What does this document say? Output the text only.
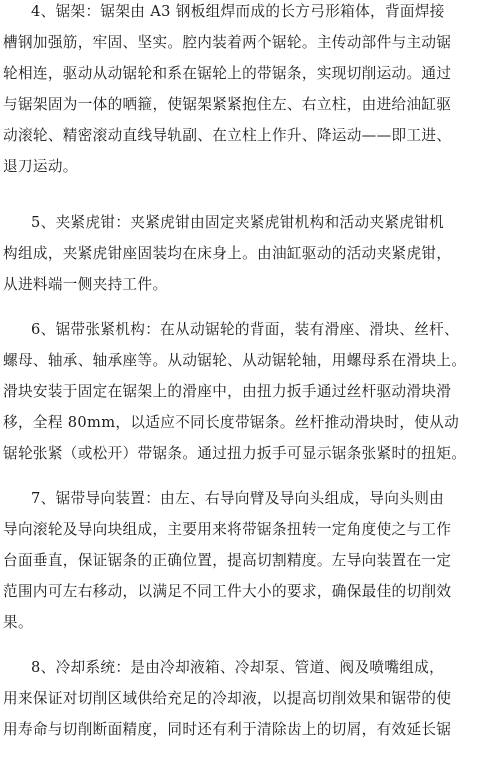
4、锯架：锯架由 A3 钢板组焊而成的长方弓形箱体，背面焊接

槽钢加强筋，牢固、坚实。腔内装着两个锯轮。主传动部件与主动锯

轮相连，驱动从动锯轮和系在锯轮上的带锯条，实现切削运动。通过

与锯架固为一体的哂箍，使锯架紧紧抱住左、右立柱，由进给油缸驱

动滚轮、精密滚动直线导轨副、在立柱上作升、降运动——即工进、

退刀运动。

5、夹紧虎钳：夹紧虎钳由固定夹紧虎钳机构和活动夹紧虎钳机

构组成，夹紧虎钳座固装均在床身上。由油缸驱动的活动夹紧虎钳，

从进料端一侧夹持工件。

6、锯带张紧机构：在从动锯轮的背面，装有滑座、滑块、丝杆、

螺母、轴承、轴承座等。从动锯轮、从动锯轮轴，用螺母系在滑块上。

滑块安装于固定在锯架上的滑座中，由扭力扳手通过丝杆驱动滑块滑

移，全程 80mm，以适应不同长度带锯条。丝杆推动滑块时，使从动

锯轮张紧（或松开）带锯条。通过扭力扳手可显示锯条张紧时的扭矩。

7、锯带导向装置：由左、右导向臂及导向头组成，导向头则由

导向滚轮及导向块组成，主要用来将带锯条扭转一定角度使之与工作

台面垂直，保证锯条的正确位置，提高切割精度。左导向装置在一定

范围内可左右移动，以满足不同工件大小的要求，确保最佳的切削效

果。

8、冷却系统：是由冷却液箱、冷却泵、管道、阀及喷嘴组成，

用来保证对切削区域供给充足的冷却液，以提高切削效果和锯带的使

用寿命与切削断面精度，同时还有利于清除齿上的切屑，有效延长锯
